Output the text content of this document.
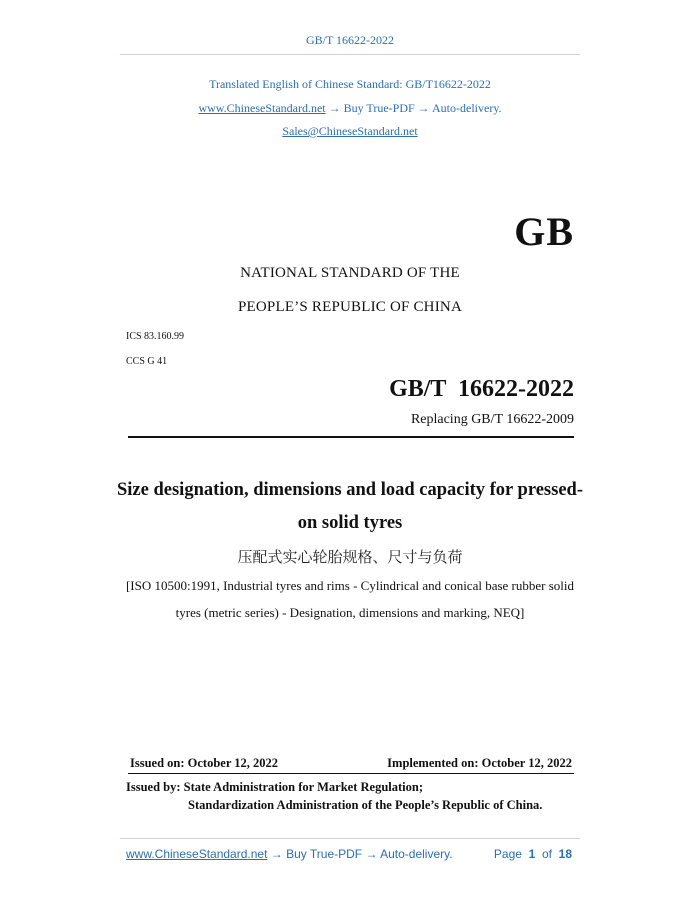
GB/T 16622-2022
Translated English of Chinese Standard: GB/T16622-2022
www.ChineseStandard.net → Buy True-PDF → Auto-delivery.
Sales@ChineseStandard.net
GB
NATIONAL STANDARD OF THE
PEOPLE’S REPUBLIC OF CHINA
ICS 83.160.99
CCS G 41
GB/T  16622-2022
Replacing GB/T 16622-2009
Size designation, dimensions and load capacity for pressed-
on solid tyres
压配式实心轮胎规格、尺寸与负荷
[ISO 10500:1991, Industrial tyres and rims - Cylindrical and conical base rubber solid
tyres (metric series) - Designation, dimensions and marking, NEQ]
Issued on: October 12, 2022	Implemented on: October 12, 2022
Issued by: State Administration for Market Regulation;
Standardization Administration of the People’s Republic of China.
www.ChineseStandard.net → Buy True-PDF → Auto-delivery.	Page 1 of 18
